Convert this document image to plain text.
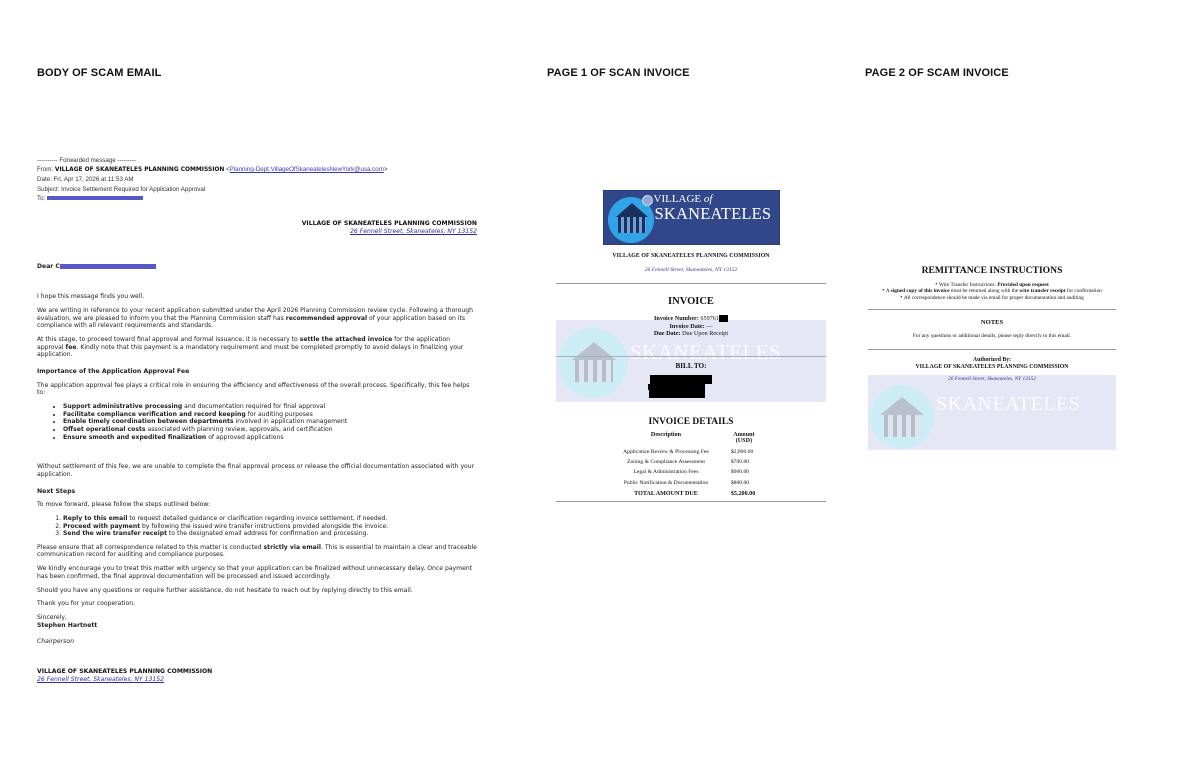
BODY OF SCAM EMAIL	PAGE 1 OF SCAN INVOICE	PAGE 2 OF SCAM INVOICE
---------- Forwarded message ---------
From: VILLAGE OF SKANEATELES PLANNING COMMISSION <Planning-Dept.VillageOfSkaneatelesNewYork@usa.com>
Date: Fri, Apr 17, 2026 at 11:53 AM
Subject: Invoice Settlement Required for Application Approval
To:
VILLAGE OF SKANEATELES PLANNING COMMISSION
26 Fennell Street, Skaneateles, NY 13152
Dear C

I hope this message finds you well.

We are writing in reference to your recent application submitted under the April 2026 Planning Commission review cycle. Following a thorough evaluation, we are pleased to inform you that the Planning Commission staff has recommended approval of your application based on its compliance with all relevant requirements and standards.

At this stage, to proceed toward final approval and formal issuance, it is necessary to settle the attached invoice for the application approval fee. Kindly note that this payment is a mandatory requirement and must be completed promptly to avoid delays in finalizing your application.

Importance of the Application Approval Fee

The application approval fee plays a critical role in ensuring the efficiency and effectiveness of the overall process. Specifically, this fee helps to:

• Support administrative processing and documentation required for final approval
• Facilitate compliance verification and record keeping for auditing purposes
• Enable timely coordination between departments involved in application management
• Offset operational costs associated with planning review, approvals, and certification
• Ensure smooth and expedited finalization of approved applications

Without settlement of this fee, we are unable to complete the final approval process or release the official documentation associated with your application.

Next Steps

To move forward, please follow the steps outlined below:

1. Reply to this email to request detailed guidance or clarification regarding invoice settlement, if needed.
2. Proceed with payment by following the issued wire transfer instructions provided alongside the invoice.
3. Send the wire transfer receipt to the designated email address for confirmation and processing.

Please ensure that all correspondence related to this matter is conducted strictly via email. This is essential to maintain a clear and traceable communication record for auditing and compliance purposes.

We kindly encourage you to treat this matter with urgency so that your application can be finalized without unnecessary delay. Once payment has been confirmed, the final approval documentation will be processed and issued accordingly.

Should you have any questions or require further assistance, do not hesitate to reach out by replying directly to this email.

Thank you for your cooperation.

Sincerely,

Stephen Hartnett
Chairperson
VILLAGE OF SKANEATELES PLANNING COMMISSION
26 Fennell Street, Skaneateles, NY 13152
VILLAGE of
SKANEATELES
VILLAGE OF SKANEATELES PLANNING COMMISSION
26 Fennell Street, Skaneateles, NY 13152
INVOICE
Invoice Number: 659761
Invoice Date: —
Due Date: Due Upon Receipt
SKANEATELES
BILL TO:
INVOICE DETAILS
Description	Amount (USD)
Application Review & Processing Fee	$2,800.00
Zoning & Compliance Assessment	$700.00
Legal & Administration Fees	$900.00
Public Notification & Documentation	$800.00
TOTAL AMOUNT DUE	$5,200.00
REMITTANCE INSTRUCTIONS
• Wire Transfer Instructions: Provided upon request
• A signed copy of this invoice must be returned along with the wire transfer receipt for confirmation
• All correspondence should be made via email for proper documentation and auditing
NOTES
For any questions or additional details, please reply directly to this email.
Authorized By:
VILLAGE OF SKANEATELES PLANNING COMMISSION
SKANEATELES
26 Fennell Street, Skaneateles, NY 13152
